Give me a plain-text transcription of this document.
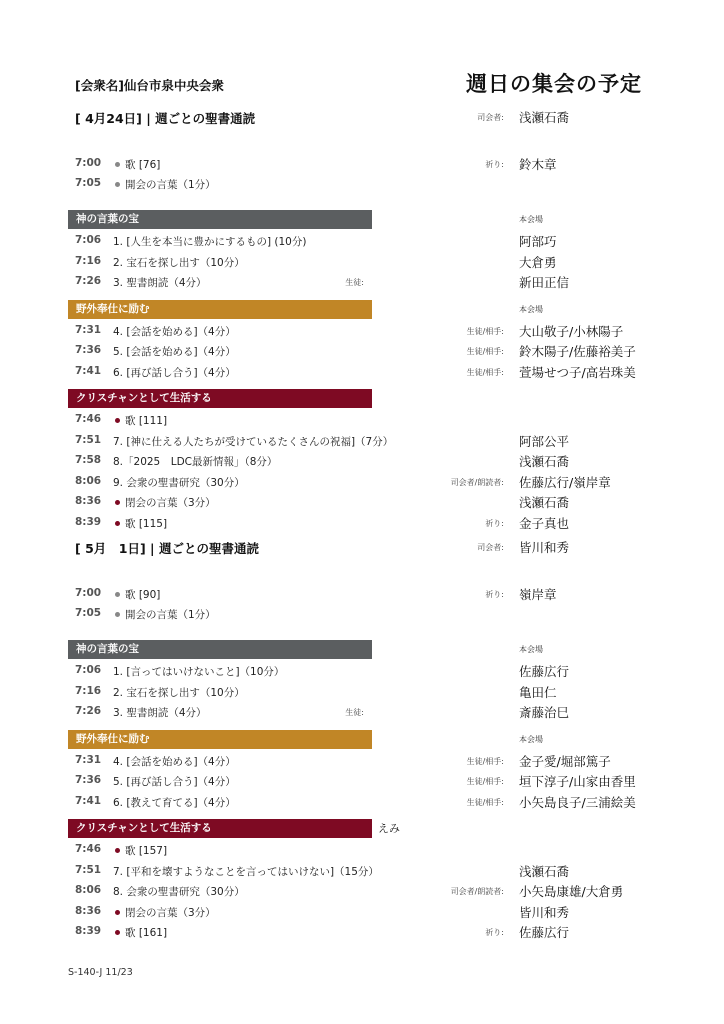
[会衆名]仙台市泉中央会衆	週日の集会の予定
[ 4月24日] | 週ごとの聖書通読	司会者: 浅瀬石喬
7:00	歌 [76]	祈り: 鈴木章
7:05	開会の言葉（1分）
神の言葉の宝	本会場
7:06	1. [人生を本当に豊かにするもの] (10分)	阿部巧
7:16	2. 宝石を探し出す（10分）	大倉勇
7:26	3. 聖書朗読（4分）	生徒:	新田正信
野外奉仕に励む	本会場
7:31	4. [会話を始める]（4分）	生徒/相手: 大山敬子/小林陽子
7:36	5. [会話を始める]（4分）	生徒/相手: 鈴木陽子/佐藤裕美子
7:41	6. [再び話し合う]（4分）	生徒/相手: 萱場せつ子/高岩珠美
クリスチャンとして生活する
7:46	歌 [111]
7:51	7. [神に仕える人たちが受けているたくさんの祝福]（7分）	阿部公平
7:58	8.「2025　LDC最新情報」（8分）	浅瀬石喬
8:06	9. 会衆の聖書研究（30分）	司会者/朗読者: 佐藤広行/嶺岸章
8:36	閉会の言葉（3分）	浅瀬石喬
8:39	歌 [115]	祈り: 金子真也
[ 5月　1日] | 週ごとの聖書通読	司会者: 皆川和秀
7:00	歌 [90]	祈り: 嶺岸章
7:05	開会の言葉（1分）
神の言葉の宝	本会場
7:06	1. [言ってはいけないこと]（10分）	佐藤広行
7:16	2. 宝石を探し出す（10分）	亀田仁
7:26	3. 聖書朗読（4分）	生徒:	斎藤治巳
野外奉仕に励む	本会場
7:31	4. [会話を始める]（4分）	生徒/相手: 金子愛/堀部篤子
7:36	5. [再び話し合う]（4分）	生徒/相手: 垣下淳子/山家由香里
7:41	6. [教えて育てる]（4分）	生徒/相手: 小矢島良子/三浦絵美
クリスチャンとして生活する	えみ
7:46	歌 [157]
7:51	7. [平和を壊すようなことを言ってはいけない]（15分）	浅瀬石喬
8:06	8. 会衆の聖書研究（30分）	司会者/朗読者: 小矢島康雄/大倉勇
8:36	閉会の言葉（3分）	皆川和秀
8:39	歌 [161]	祈り: 佐藤広行
S-140-J 11/23
